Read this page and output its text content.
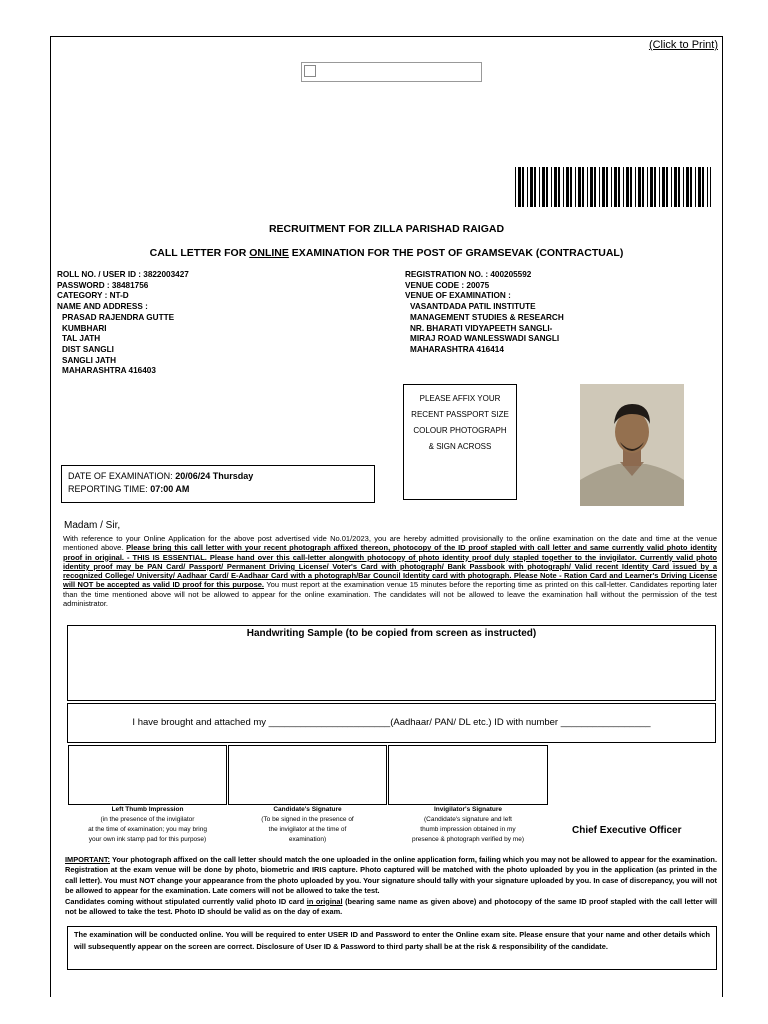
(Click to Print)
RECRUITMENT FOR ZILLA PARISHAD RAIGAD
CALL LETTER FOR ONLINE EXAMINATION FOR THE POST OF GRAMSEVAK (CONTRACTUAL)
ROLL NO. / USER ID : 3822003427
PASSWORD : 38481756
CATEGORY : NT-D
NAME AND ADDRESS :
PRASAD RAJENDRA GUTTE
KUMBHARI
TAL JATH
DIST SANGLI
SANGLI JATH
MAHARASHTRA 416403
REGISTRATION NO. : 400205592
VENUE CODE : 20075
VENUE OF EXAMINATION :
VASANTDADA PATIL INSTITUTE
MANAGEMENT STUDIES & RESEARCH
NR. BHARATI VIDYAPEETH SANGLI-
MIRAJ ROAD WANLESSWADI SANGLI
MAHARASHTRA 416414
PLEASE AFFIX YOUR
RECENT PASSPORT SIZE
COLOUR PHOTOGRAPH
& SIGN ACROSS
DATE OF EXAMINATION: 20/06/24 Thursday
REPORTING TIME: 07:00 AM
Madam / Sir,
With reference to your Online Application for the above post advertised vide No.01/2023, you are hereby admitted provisionally to the online examination on the date and time at the venue mentioned above. Please bring this call letter with your recent photograph affixed thereon, photocopy of the ID proof stapled with call letter and same currently valid photo identity proof in original. - THIS IS ESSENTIAL. Please hand over this call-letter alongwith photocopy of photo identity proof duly stapled together to the invigilator. Currently valid photo identity proof may be PAN Card/ Passport/ Permanent Driving License/ Voter's Card with photograph/ Bank Passbook with photograph/ Valid recent Identity Card issued by a recognized College/ University/ Aadhaar Card/ E-Aadhaar Card with a photograph/Bar Council Identity card with photograph. Please Note - Ration Card and Learner's Driving License will NOT be accepted as valid ID proof for this purpose. You must report at the examination venue 15 minutes before the reporting time as printed on this call-letter. Candidates reporting later than the time mentioned above will not be allowed to appear for the online examination. The candidates will not be allowed to leave the examination hall without the permission of the test administrator.
Handwriting Sample (to be copied from screen as instructed)
I have brought and attached my _______________________(Aadhaar/ PAN/ DL etc.) ID with number _________________
Left Thumb Impression
(in the presence of the invigilator
at the time of examination; you may bring
your own ink stamp pad for this purpose)
Candidate's Signature
(To be signed in the presence of
the invigilator at the time of
examination)
Invigilator's Signature
(Candidate's signature and left
thumb impression obtained in my
presence & photograph verified by me)
Chief Executive Officer
IMPORTANT: Your photograph affixed on the call letter should match the one uploaded in the online application form, failing which you may not be allowed to appear for the examination. Registration at the exam venue will be done by photo, biometric and IRIS capture. Photo captured will be matched with the photo uploaded by you in the application (as printed in the call letter). You must NOT change your appearance from the photo uploaded by you. Your signature should tally with your signature uploaded by you. In case of discrepancy, you will not be allowed to appear for the examination. Late comers will not be allowed to take the test.
Candidates coming without stipulated currently valid photo ID card in original (bearing same name as given above) and photocopy of the same ID proof stapled with the call letter will not be allowed to take the test. Photo ID should be valid as on the day of exam.
The examination will be conducted online. You will be required to enter USER ID and Password to enter the Online exam site. Please ensure that your name and other details which will subsequently appear on the screen are correct. Disclosure of User ID & Password to third party shall be at the risk & responsibility of the candidate.
